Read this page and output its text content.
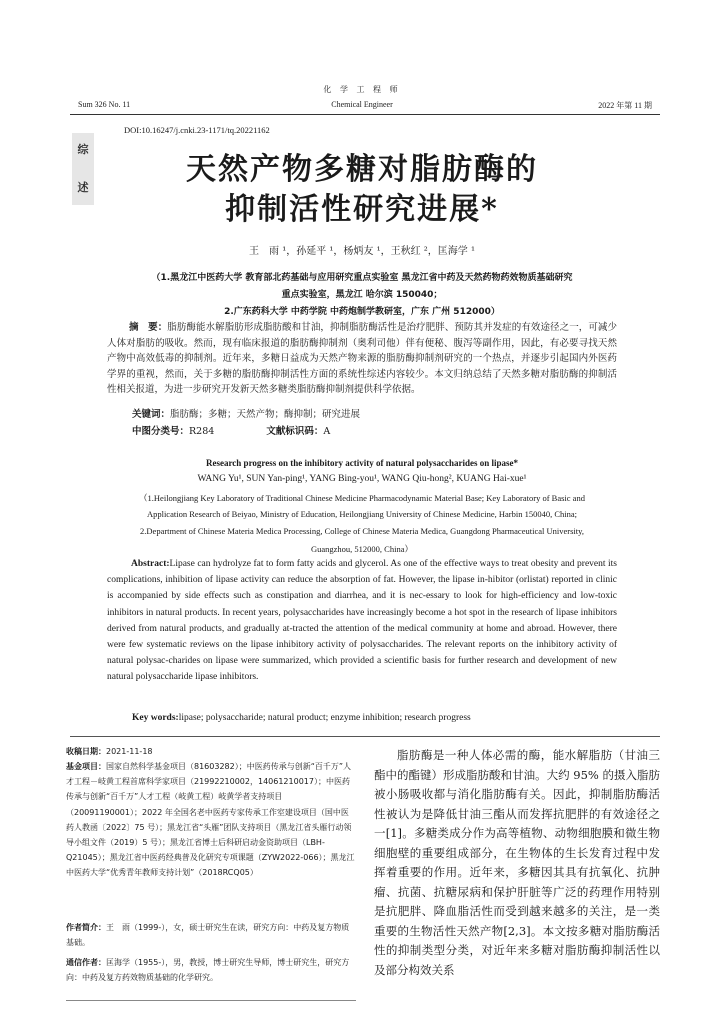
化 学 工 程 师
Sum 326 No. 11	Chemical Engineer	2022 年第 11 期
综
述
DOI:10.16247/j.cnki.23-1171/tq.20221162
天然产物多糖对脂肪酶的
抑制活性研究进展*
王　雨 ¹，孙延平 ¹，杨炳友 ¹，王秋红 ²，匡海学 ¹
（1.黑龙江中医药大学 教育部北药基础与应用研究重点实验室 黑龙江省中药及天然药物药效物质基础研究
重点实验室，黑龙江 哈尔滨 150040；
2.广东药科大学 中药学院 中药炮制学教研室，广东 广州 512000）
摘　要：脂肪酶能水解脂肪形成脂肪酸和甘油，抑制脂肪酶活性是治疗肥胖、预防其并发症的有效途径之一，可减少人体对脂肪的吸收。然而，现有临床报道的脂肪酶抑制剂（奥利司他）伴有便秘、腹泻等副作用，因此，有必要寻找天然产物中高效低毒的抑制剂。近年来，多糖日益成为天然产物来源的脂肪酶抑制剂研究的一个热点，并逐步引起国内外医药学界的重视，然而，关于多糖的脂肪酶抑制活性方面的系统性综述内容较少。本文归纳总结了天然多糖对脂肪酶的抑制活性相关报道，为进一步研究开发新天然多糖类脂肪酶抑制剂提供科学依据。
关键词：脂肪酶；多糖；天然产物；酶抑制；研究进展
中图分类号：R284	文献标识码：A
Research progress on the inhibitory activity of natural polysaccharides on lipase*
WANG Yu¹, SUN Yan-ping¹, YANG Bing-you¹, WANG Qiu-hong², KUANG Hai-xue¹
（1.Heilongjiang Key Laboratory of Traditional Chinese Medicine Pharmacodynamic Material Base; Key Laboratory of Basic and
Application Research of Beiyao, Ministry of Education, Heilongjiang University of Chinese Medicine, Harbin 150040, China;
2.Department of Chinese Materia Medica Processing, College of Chinese Materia Medica, Guangdong Pharmaceutical University,
Guangzhou, 512000, China）
Abstract:Lipase can hydrolyze fat to form fatty acids and glycerol. As one of the effective ways to treat obesity and prevent its complications, inhibition of lipase activity can reduce the absorption of fat. However, the lipase in-hibitor (orlistat) reported in clinic is accompanied by side effects such as constipation and diarrhea, and it is nec-essary to look for high-efficiency and low-toxic inhibitors in natural products. In recent years, polysaccharides have increasingly become a hot spot in the research of lipase inhibitors derived from natural products, and gradually at-tracted the attention of the medical community at home and abroad. However, there were few systematic reviews on the lipase inhibitory activity of polysaccharides. The relevant reports on the inhibitory activity of natural polysac-charides on lipase were summarized, which provided a scientific basis for further research and development of new natural polysaccharide lipase inhibitors.
Key words:lipase; polysaccharide; natural product; enzyme inhibition; research progress
收稿日期：2021-11-18
基金项目：国家自然科学基金项目（81603282）；中医药传承与创新“百千万”人才工程－岐黄工程首席科学家项目（21992210002，14061210017）；中医药传承与创新“百千万”人才工程（岐黄工程）岐黄学者支持项目（20091190001）；2022 年全国名老中医药专家传承工作室建设项目（国中医药人教函〔2022〕75 号）；黑龙江省“头雁”团队支持项目（黑龙江省头雁行动领导小组文件（2019）5 号）；黑龙江省博士后科研启动金资助项目（LBH-Q21045）；黑龙江省中医药经典普及化研究专项课题（ZYW2022-066）；黑龙江中医药大学“优秀青年教师支持计划”（2018RCQ05）
作者简介：王　雨（1999-），女，硕士研究生在读，研究方向：中药及复方物质基础。
通信作者：匡海学（1955-），男，教授，博士研究生导师，博士研究生，研究方向：中药及复方药效物质基础的化学研究。
脂肪酶是一种人体必需的酶，能水解脂肪（甘油三酯中的酯键）形成脂肪酸和甘油。大约 95% 的摄入脂肪被小肠吸收都与消化脂肪酶有关。因此，抑制脂肪酶活性被认为是降低甘油三酯从而发挥抗肥胖的有效途径之一[1]。多糖类成分作为高等植物、动物细胞膜和微生物细胞壁的重要组成部分，在生物体的生长发育过程中发挥着重要的作用。近年来，多糖因其具有抗氧化、抗肿瘤、抗菌、抗糖尿病和保护肝脏等广泛的药理作用特别是抗肥胖、降血脂活性而受到越来越多的关注，是一类重要的生物活性天然产物[2,3]。本文按多糖对脂肪酶活性的抑制类型分类，对近年来多糖对脂肪酶抑制活性以及部分构效关系
